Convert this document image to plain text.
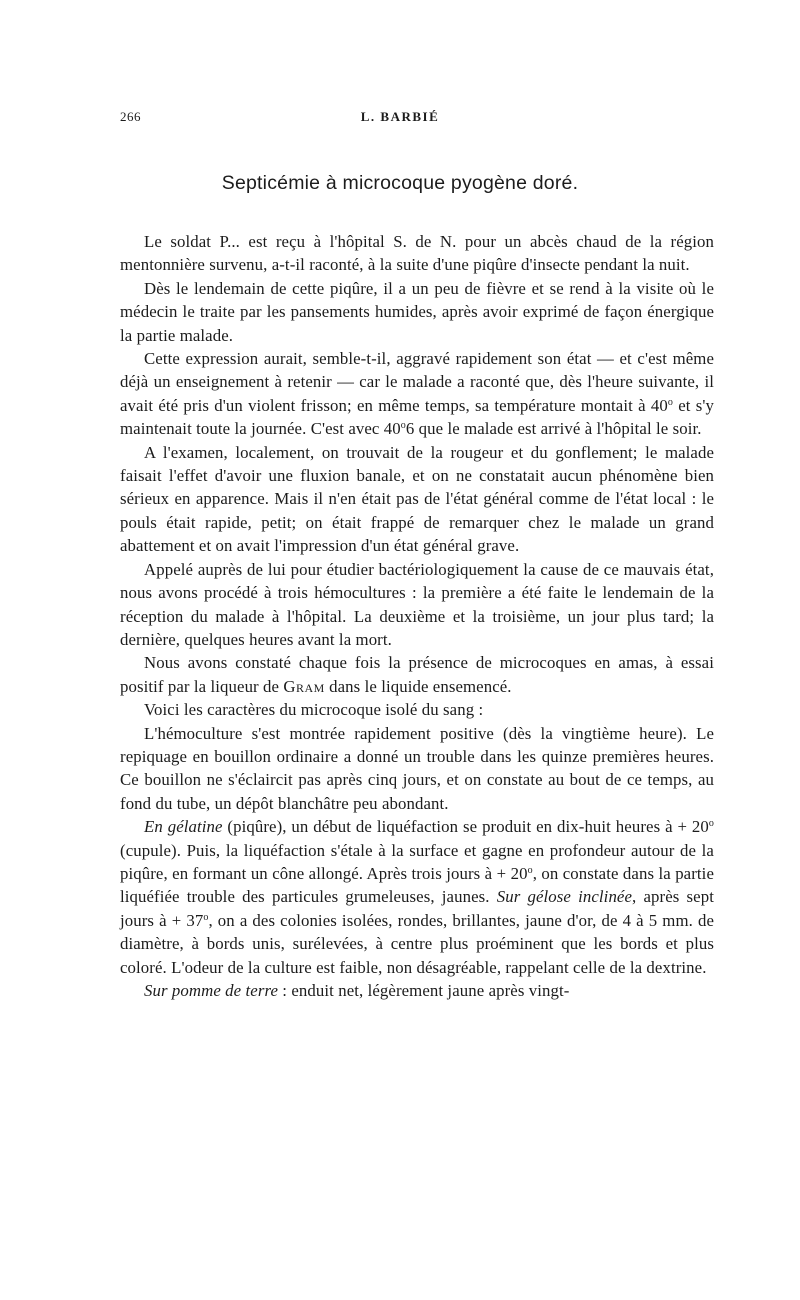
266	L. BARBIÉ
Septicémie à microcoque pyogène doré.

Le soldat P... est reçu à l'hôpital S. de N. pour un abcès chaud de la région mentonnière survenu, a-t-il raconté, à la suite d'une piqûre d'insecte pendant la nuit.

Dès le lendemain de cette piqûre, il a un peu de fièvre et se rend à la visite où le médecin le traite par les pansements humides, après avoir exprimé de façon énergique la partie malade.

Cette expression aurait, semble-t-il, aggravé rapidement son état — et c'est même déjà un enseignement à retenir — car le malade a raconté que, dès l'heure suivante, il avait été pris d'un violent frisson; en même temps, sa température montait à 40$^o$ et s'y maintenait toute la journée. C'est avec 40$^o$6 que le malade est arrivé à l'hôpital le soir.

A l'examen, localement, on trouvait de la rougeur et du gonflement; le malade faisait l'effet d'avoir une fluxion banale, et on ne constatait aucun phénomène bien sérieux en apparence. Mais il n'en était pas de l'état général comme de l'état local : le pouls était rapide, petit; on était frappé de remarquer chez le malade un grand abattement et on avait l'impression d'un état général grave.

Appelé auprès de lui pour étudier bactériologiquement la cause de ce mauvais état, nous avons procédé à trois hémocultures : la première a été faite le lendemain de la réception du malade à l'hôpital. La deuxième et la troisième, un jour plus tard; la dernière, quelques heures avant la mort.

Nous avons constaté chaque fois la présence de microcoques en amas, à essai positif par la liqueur de Gram dans le liquide ensemencé.

Voici les caractères du microcoque isolé du sang :

L'hémoculture s'est montrée rapidement positive (dès la vingtième heure). Le repiquage en bouillon ordinaire a donné un trouble dans les quinze premières heures. Ce bouillon ne s'éclaircit pas après cinq jours, et on constate au bout de ce temps, au fond du tube, un dépôt blanchâtre peu abondant.

En gélatine (piqûre), un début de liquéfaction se produit en dix-huit heures à + $20^o$ (cupule). Puis, la liquéfaction s'étale à la surface et gagne en profondeur autour de la piqûre, en formant un cône allongé. Après trois jours à + $20^o$, on constate dans la partie liquéfiée trouble des particules grumeleuses, jaunes. Sur gélose inclinée, après sept jours à + $37^o$, on a des colonies isolées, rondes, brillantes, jaune d'or, de 4 à 5 mm. de diamètre, à bords unis, surélevées, à centre plus proéminent que les bords et plus coloré. L'odeur de la culture est faible, non désagréable, rappelant celle de la dextrine.

Sur pomme de terre : enduit net, légèrement jaune après vingt-
